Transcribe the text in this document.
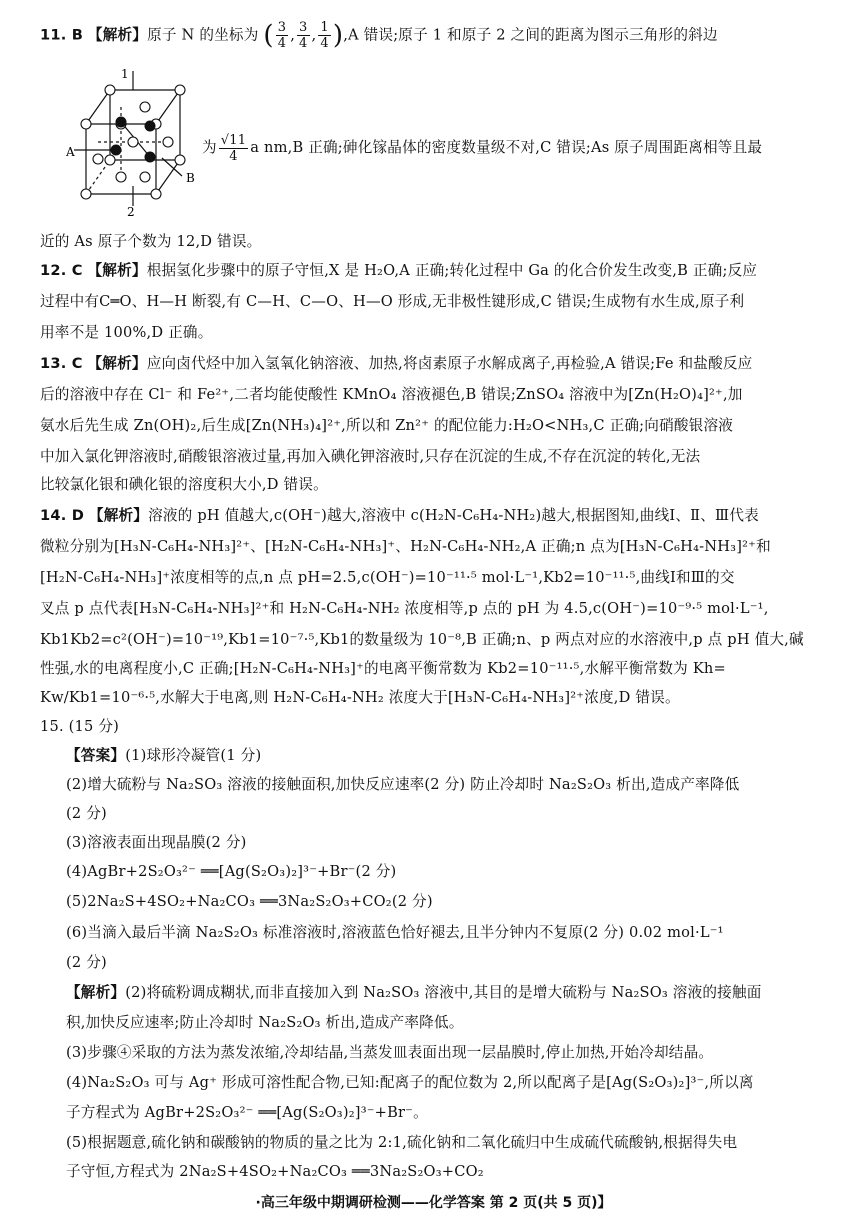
11. B 【解析】原子 N 的坐标为 ( $\frac{3}{4}$ , $\frac{3}{4}$ , $\frac{1}{4} ),A$ 错误;原子 1 和原子 2 之间的距离为图示三角形的斜边
1
2
A
B
为 $\frac{√11}{4}$ a nm,B 正确;砷化镓晶体的密度数量级不对,C 错误;As 原子周围距离相等且最
近的 As 原子个数为 12,D 错误。
12. C 【解析】根据氢化步骤中的原子守恒,X 是 H₂O,A 正确;转化过程中 Ga 的化合价发生改变,B 正确;反应
过程中有C═O、H—H 断裂,有 C—H、C—O、H—O 形成,无非极性键形成,C 错误;生成物有水生成,原子利
用率不是 100%,D 正确。
13. C 【解析】应向卤代烃中加入氢氧化钠溶液、加热,将卤素原子水解成离子,再检验,A 错误;Fe 和盐酸反应
后的溶液中存在 Cl⁻ 和 Fe²⁺,二者均能使酸性 KMnO₄ 溶液褪色,B 错误;ZnSO₄ 溶液中为[Zn(H₂O)₄]²⁺,加
氨水后先生成 Zn(OH)₂,后生成[Zn(NH₃)₄]²⁺,所以和 Zn²⁺ 的配位能力:H₂O<NH₃,C 正确;向硝酸银溶液
中加入氯化钾溶液时,硝酸银溶液过量,再加入碘化钾溶液时,只存在沉淀的生成,不存在沉淀的转化,无法
比较氯化银和碘化银的溶度积大小,D 错误。
14. D 【解析】溶液的 pH 值越大,c(OH⁻)越大,溶液中 c(H₂N-C₆H₄-NH₂)越大,根据图知,曲线Ⅰ、Ⅱ、Ⅲ代表
微粒分别为[H₃N-C₆H₄-NH₃]²⁺、[H₂N-C₆H₄-NH₃]⁺、H₂N-C₆H₄-NH₂,A 正确;n 点为[H₃N-C₆H₄-NH₃]²⁺和
[H₂N-C₆H₄-NH₃]⁺浓度相等的点,n 点 pH=2.5,c(OH⁻)=10⁻¹¹·⁵ mol·L⁻¹,Kb2=10⁻¹¹·⁵,曲线Ⅰ和Ⅲ的交
叉点 p 点代表[H₃N-C₆H₄-NH₃]²⁺和 H₂N-C₆H₄-NH₂ 浓度相等,p 点的 pH 为 4.5,c(OH⁻)=10⁻⁹·⁵ mol·L⁻¹,
Kb1Kb2=c²(OH⁻)=10⁻¹⁹,Kb1=10⁻⁷·⁵,Kb1的数量级为 10⁻⁸,B 正确;n、p 两点对应的水溶液中,p 点 pH 值大,碱
性强,水的电离程度小,C 正确;[H₂N-C₆H₄-NH₃]⁺的电离平衡常数为 Kb2=10⁻¹¹·⁵,水解平衡常数为 Kh=
Kw/Kb1=10⁻⁶·⁵,水解大于电离,则 H₂N-C₆H₄-NH₂ 浓度大于[H₃N-C₆H₄-NH₃]²⁺浓度,D 错误。
15. (15 分)
【答案】(1)球形冷凝管(1 分)
(2)增大硫粉与 Na₂SO₃ 溶液的接触面积,加快反应速率(2 分) 防止冷却时 Na₂S₂O₃ 析出,造成产率降低
(2 分)
(3)溶液表面出现晶膜(2 分)
(4)AgBr+2S₂O₃²⁻ ══[Ag(S₂O₃)₂]³⁻+Br⁻(2 分)
(5)2Na₂S+4SO₂+Na₂CO₃ ══3Na₂S₂O₃+CO₂(2 分)
(6)当滴入最后半滴 Na₂S₂O₃ 标准溶液时,溶液蓝色恰好褪去,且半分钟内不复原(2 分) 0.02 mol·L⁻¹
(2 分)
【解析】(2)将硫粉调成糊状,而非直接加入到 Na₂SO₃ 溶液中,其目的是增大硫粉与 Na₂SO₃ 溶液的接触面
积,加快反应速率;防止冷却时 Na₂S₂O₃ 析出,造成产率降低。
(3)步骤④采取的方法为蒸发浓缩,冷却结晶,当蒸发皿表面出现一层晶膜时,停止加热,开始冷却结晶。
(4)Na₂S₂O₃ 可与 Ag⁺ 形成可溶性配合物,已知:配离子的配位数为 2,所以配离子是[Ag(S₂O₃)₂]³⁻,所以离
子方程式为 AgBr+2S₂O₃²⁻ ══[Ag(S₂O₃)₂]³⁻+Br⁻。
(5)根据题意,硫化钠和碳酸钠的物质的量之比为 2:1,硫化钠和二氧化硫归中生成硫代硫酸钠,根据得失电
子守恒,方程式为 2Na₂S+4SO₂+Na₂CO₃ ══3Na₂S₂O₃+CO₂
·高三年级中期调研检测——化学答案 第 2 页(共 5 页)】
